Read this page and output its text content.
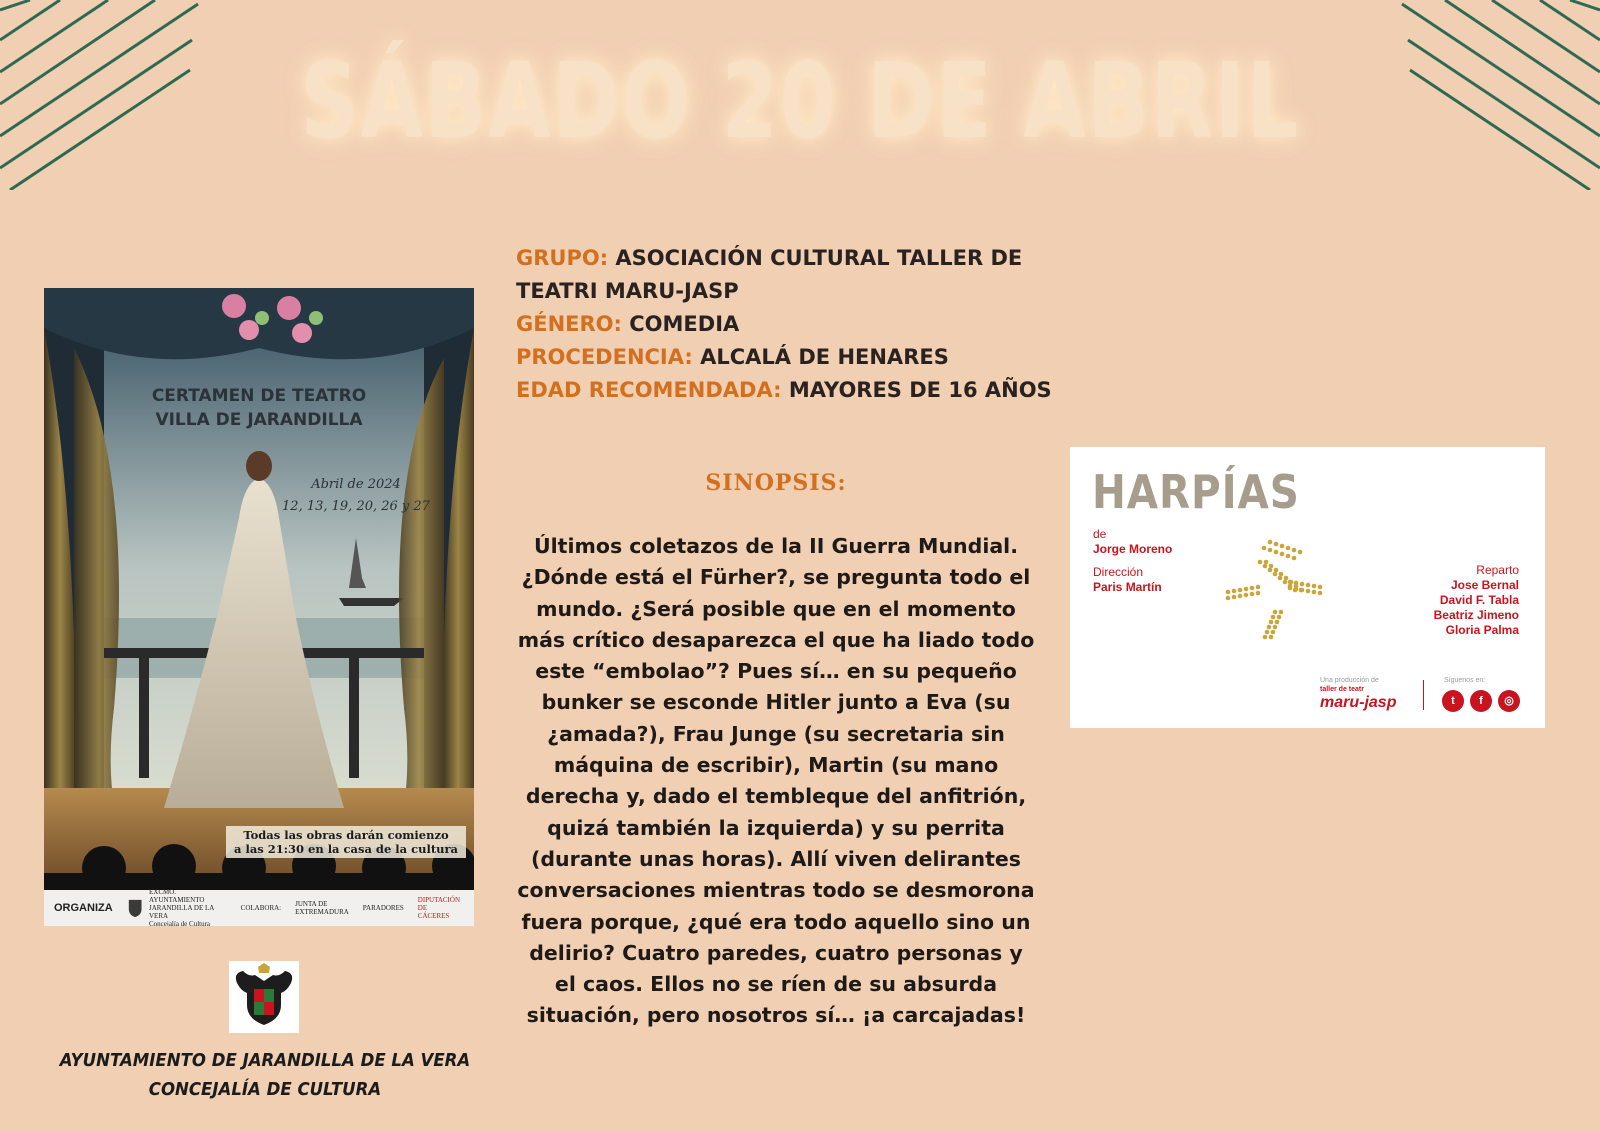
SÁBADO 20 DE ABRIL
CERTAMEN DE TEATRO
VILLA DE JARANDILLA
Abril de 2024
12, 13, 19, 20, 26 y 27
Todas las obras darán comienzo
a las 21:30 en la casa de la cultura
ORGANIZA
EXCMO. AYUNTAMIENTO
JARANDILLA DE LA VERA
Concejalía de Cultura
COLABORA: JUNTA DE
EXTREMADURA PARADORES
DIPUTACIÓN
DE CÁCERES
AYUNTAMIENTO DE JARANDILLA DE LA VERA
CONCEJALÍA DE CULTURA
GRUPO: ASOCIACIÓN CULTURAL TALLER DE TEATRI MARU-JASP
GÉNERO: COMEDIA
PROCEDENCIA: ALCALÁ DE HENARES
EDAD RECOMENDADA: MAYORES DE 16 AÑOS
SINOPSIS:
Últimos coletazos de la II Guerra Mundial. ¿Dónde está el Fürher?, se pregunta todo el mundo. ¿Será posible que en el momento más crítico desaparezca el que ha liado todo este “embolao”? Pues sí… en su pequeño bunker se esconde Hitler junto a Eva (su ¿amada?), Frau Junge (su secretaria sin máquina de escribir), Martin (su mano derecha y, dado el tembleque del anfitrión, quizá también la izquierda) y su perrita (durante unas horas). Allí viven delirantes conversaciones mientras todo se desmorona fuera porque, ¿qué era todo aquello sino un delirio? Cuatro paredes, cuatro personas y el caos. Ellos no se ríen de su absurda situación, pero nosotros sí… ¡a carcajadas!
HARPÍAS
de
Jorge Moreno
Dirección
Paris Martín
Reparto
Jose Bernal
David F. Tabla
Beatriz Jimeno
Gloria Palma
Una producción de
taller de teatr
maru-jasp
Síguenos en:
t	f	◎
